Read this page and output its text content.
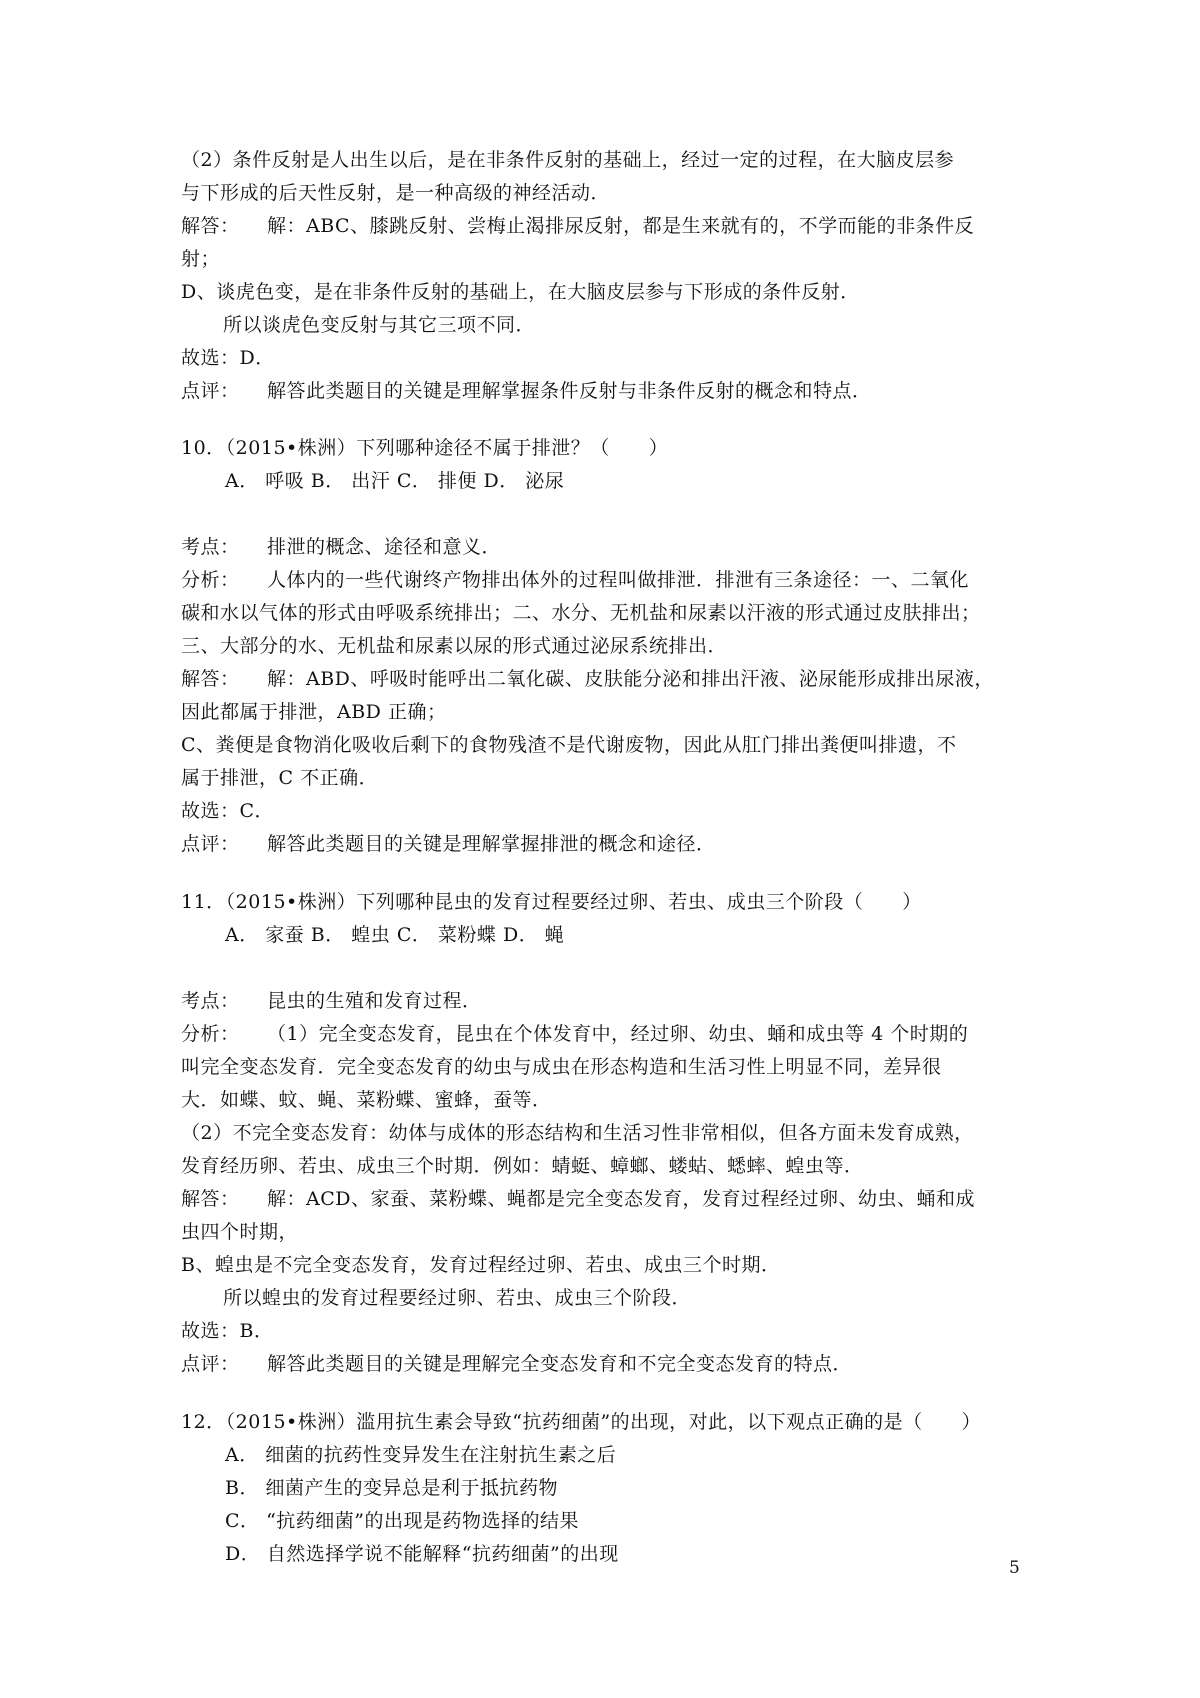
（2）条件反射是人出生以后，是在非条件反射的基础上，经过一定的过程，在大脑皮层参
与下形成的后天性反射，是一种高级的神经活动．
解答： 解：ABC、膝跳反射、尝梅止渴排尿反射，都是生来就有的，不学而能的非条件反
射；
D、谈虎色变，是在非条件反射的基础上，在大脑皮层参与下形成的条件反射．
所以谈虎色变反射与其它三项不同．
故选：D．
点评： 解答此类题目的关键是理解掌握条件反射与非条件反射的概念和特点．
10．（2015•株洲）下列哪种途径不属于排泄？（　　）
A． 呼吸 B． 出汗 C． 排便 D． 泌尿
考点： 排泄的概念、途径和意义．
分析： 人体内的一些代谢终产物排出体外的过程叫做排泄．排泄有三条途径：一、二氧化
碳和水以气体的形式由呼吸系统排出；二、水分、无机盐和尿素以汗液的形式通过皮肤排出；
三、大部分的水、无机盐和尿素以尿的形式通过泌尿系统排出．
解答： 解：ABD、呼吸时能呼出二氧化碳、皮肤能分泌和排出汗液、泌尿能形成排出尿液，
因此都属于排泄，ABD 正确；
C、粪便是食物消化吸收后剩下的食物残渣不是代谢废物，因此从肛门排出粪便叫排遗，不
属于排泄，C 不正确．
故选：C．
点评： 解答此类题目的关键是理解掌握排泄的概念和途径．
11．（2015•株洲）下列哪种昆虫的发育过程要经过卵、若虫、成虫三个阶段（　　）
A． 家蚕 B． 蝗虫 C． 菜粉蝶 D． 蝇
考点： 昆虫的生殖和发育过程．
分析： （1）完全变态发育，昆虫在个体发育中，经过卵、幼虫、蛹和成虫等 4 个时期的
叫完全变态发育．完全变态发育的幼虫与成虫在形态构造和生活习性上明显不同，差异很
大．如蝶、蚊、蝇、菜粉蝶、蜜蜂，蚕等．
（2）不完全变态发育：幼体与成体的形态结构和生活习性非常相似，但各方面未发育成熟，
发育经历卵、若虫、成虫三个时期．例如：蜻蜓、蟑螂、蝼蛄、蟋蟀、蝗虫等．
解答： 解：ACD、家蚕、菜粉蝶、蝇都是完全变态发育，发育过程经过卵、幼虫、蛹和成
虫四个时期，
B、蝗虫是不完全变态发育，发育过程经过卵、若虫、成虫三个时期．
所以蝗虫的发育过程要经过卵、若虫、成虫三个阶段．
故选：B．
点评： 解答此类题目的关键是理解完全变态发育和不完全变态发育的特点．
12．（2015•株洲）滥用抗生素会导致“抗药细菌”的出现，对此，以下观点正确的是（　　）
A． 细菌的抗药性变异发生在注射抗生素之后
B． 细菌产生的变异总是利于抵抗药物
C． “抗药细菌”的出现是药物选择的结果
D． 自然选择学说不能解释“抗药细菌”的出现
5
